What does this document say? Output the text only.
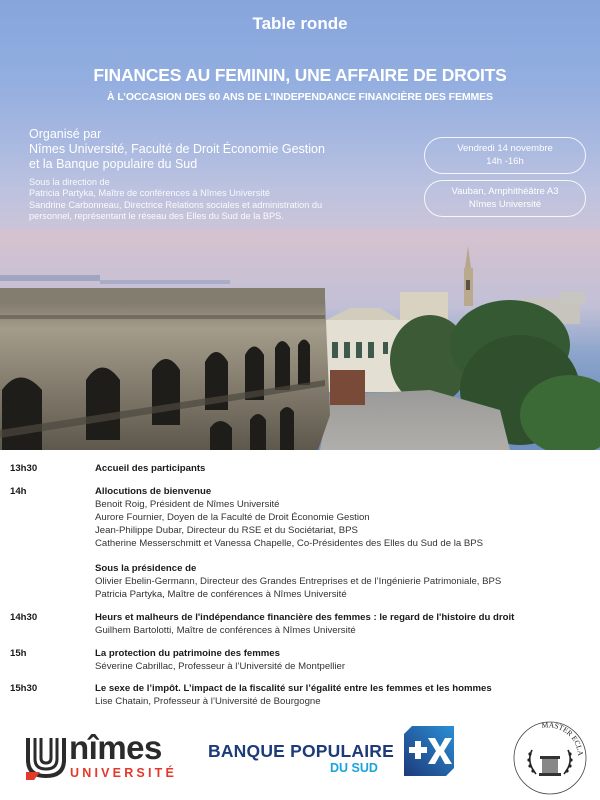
Table ronde
FINANCES AU FEMININ, UNE AFFAIRE DE DROITS
À L’OCCASION DES 60 ANS DE L’INDEPENDANCE FINANCIÈRE DES FEMMES
Organisé par
Nîmes Université, Faculté de Droit Économie Gestion
et la Banque populaire du Sud
Sous la direction de
Patricia Partyka, Maître de conférences à Nîmes Université
Sandrine Carbonneau, Directrice Relations sociales et administration du
personnel, représentant le réseau des Elles du Sud de la BPS.
Vendredi 14 novembre
14h -16h
Vauban, Amphithéâtre A3
Nîmes Université
13h30	Accueil des participants
14h	Allocutions de bienvenue
Benoit Roig, Président de Nîmes Université
Aurore Fournier, Doyen de la Faculté de Droit Économie Gestion
Jean-Philippe Dubar, Directeur du RSE et du Sociétariat, BPS
Catherine Messerschmitt et Vanessa Chapelle, Co-Présidentes des Elles du Sud de la BPS
Sous la présidence de
Olivier Ebelin-Germann, Directeur des Grandes Entreprises et de l’Ingénierie Patrimoniale, BPS
Patricia Partyka, Maître de conférences à Nîmes Université
14h30	Heurs et malheurs de l'indépendance financière des femmes : le regard de l'histoire du droit
Guilhem Bartolotti, Maître de conférences à Nîmes Université
15h	La protection du patrimoine des femmes
Séverine Cabrillac, Professeur à l’Université de Montpellier
15h30	Le sexe de l’impôt. L’impact de la fiscalité sur l’égalité entre les femmes et les hommes
Lise Chatain, Professeur à l’Université de Bourgogne
nîmes
UNIVERSITÉ
BANQUE POPULAIRE
DU SUD
MASTER ECLA
